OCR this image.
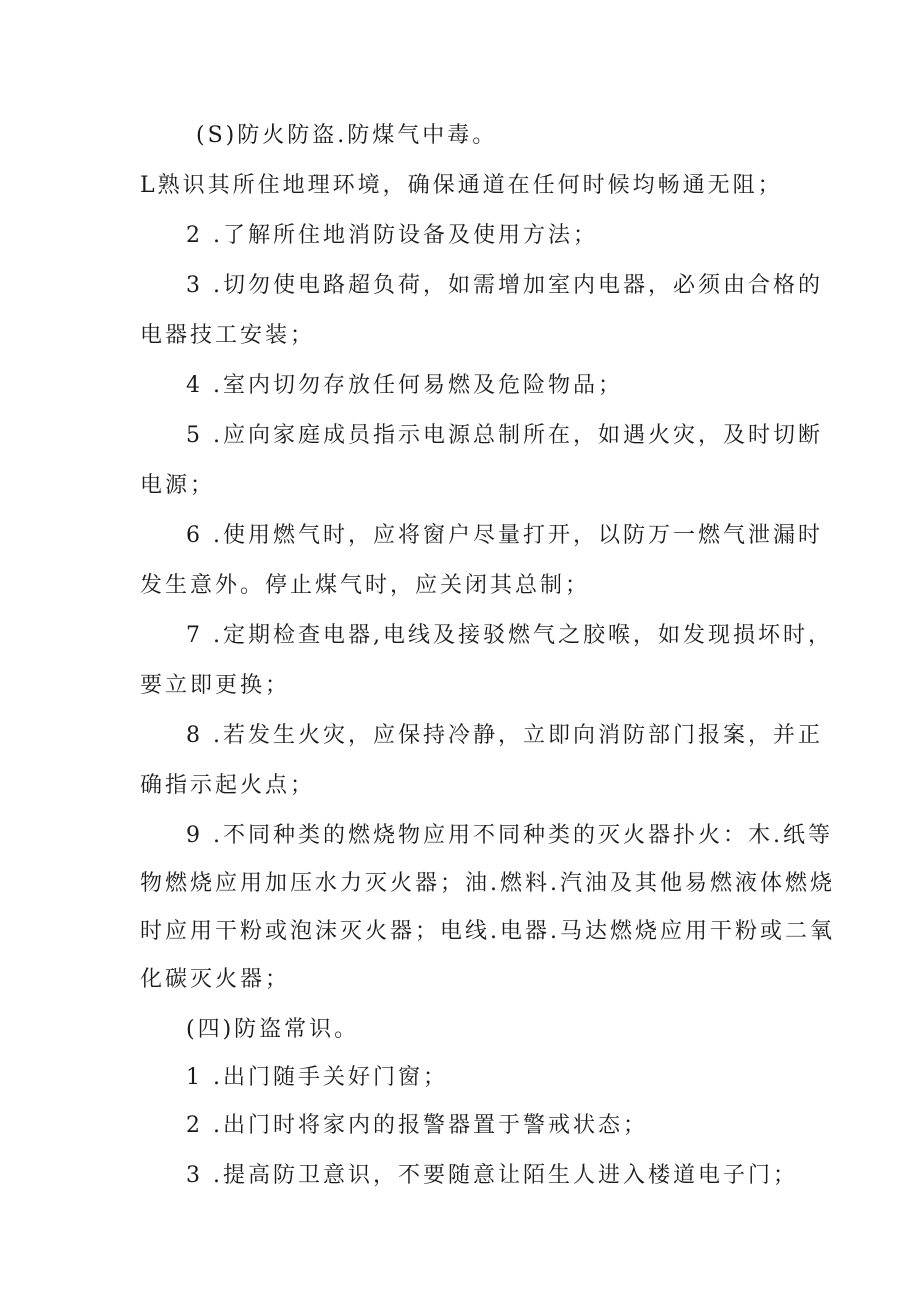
(S)防火防盗.防煤气中毒。
L熟识其所住地理环境，确保通道在任何时候均畅通无阻；
2 .了解所住地消防设备及使用方法；
3 .切勿使电路超负荷，如需增加室内电器，必须由合格的
电器技工安装；
4 .室内切勿存放任何易燃及危险物品；
5 .应向家庭成员指示电源总制所在，如遇火灾，及时切断
电源；
6 .使用燃气时，应将窗户尽量打开，以防万一燃气泄漏时
发生意外。停止煤气时，应关闭其总制；
7 .定期检查电器,电线及接驳燃气之胶喉，如发现损坏时，
要立即更换；
8 .若发生火灾，应保持冷静，立即向消防部门报案，并正
确指示起火点；
9 .不同种类的燃烧物应用不同种类的灭火器扑火：木.纸等
物燃烧应用加压水力灭火器；油.燃料.汽油及其他易燃液体燃烧
时应用干粉或泡沫灭火器；电线.电器.马达燃烧应用干粉或二氧
化碳灭火器；
(四)防盗常识。
1 .出门随手关好门窗；
2 .出门时将家内的报警器置于警戒状态；
3 .提高防卫意识，不要随意让陌生人进入楼道电子门；
